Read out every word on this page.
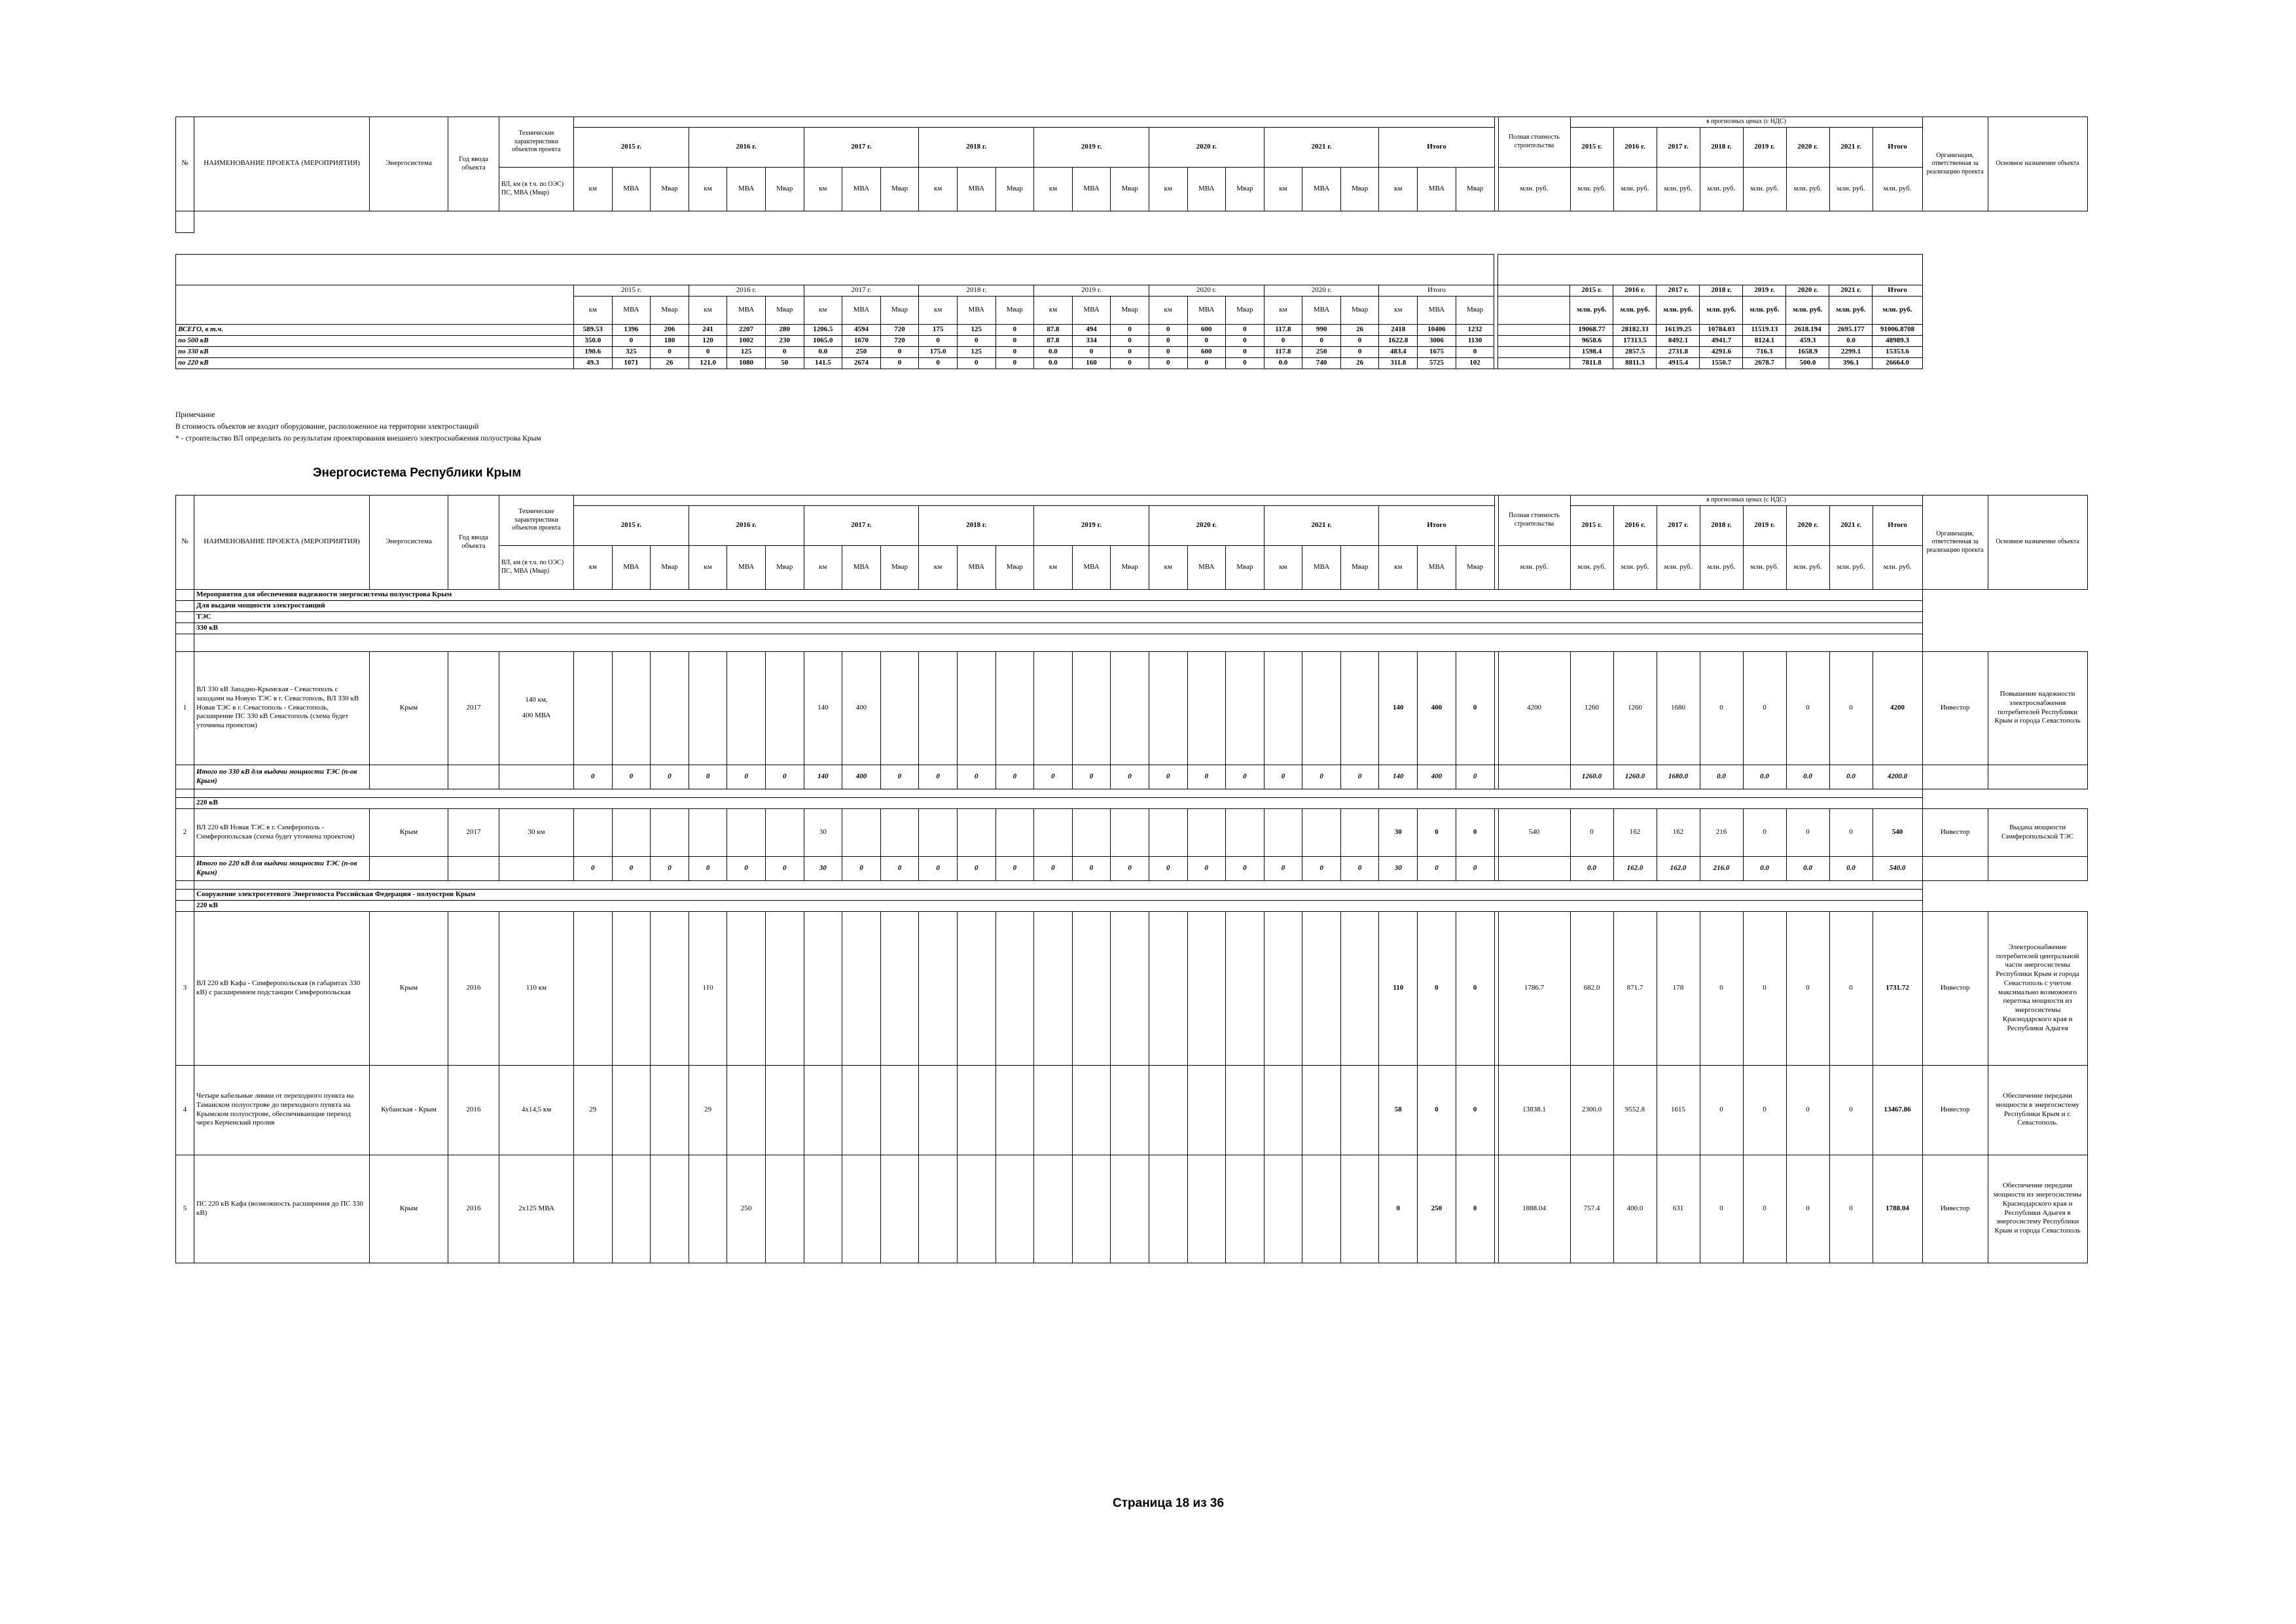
№	НАИМЕНОВАНИЕ ПРОЕКТА (МЕРОПРИЯТИЯ)	Энергосистема	Год ввода объекта	Технические характеристики объектов проекта																										Полная стоимость строительства	в прогнозных ценах (с НДС)								Организация, ответственная за реализацию проекта	Основное назначение объекта
					2015 г.			2016 г.			2017 г.			2018 г.			2019 г.			2020 г.			2021 г.			Итого					2015 г.	2016 г.	2017 г.	2018 г.	2019 г.	2020 г.	2021 г.	Итого		
				ВЛ, км (в т.ч. по ОЭС) ПС, МВА (Мвар)	км	МВА	Мвар	км	МВА	Мвар	км	МВА	Мвар	км	МВА	Мвар	км	МВА	Мвар	км	МВА	Мвар	км	МВА	Мвар	км	МВА	Мвар		млн. руб.	млн. руб.	млн. руб.	млн. руб.	млн. руб.	млн. руб.	млн. руб.	млн. руб.	млн. руб.		

	2015 г.			2016 г.			2017 г.			2018 г.			2019 г.			2020 г.			2020 г.			Итого					2015 г.	2016 г.	2017 г.	2018 г.	2019 г.	2020 г.	2021 г.	Итого
	км	МВА	Мвар	км	МВА	Мвар	км	МВА	Мвар	км	МВА	Мвар	км	МВА	Мвар	км	МВА	Мвар	км	МВА	Мвар	км	МВА	Мвар			млн. руб.	млн. руб.	млн. руб.	млн. руб.	млн. руб.	млн. руб.	млн. руб.	млн. руб.
ВСЕГО, в т.ч.	589.53	1396	206	241	2207	280	1206.5	4594	720	175	125	0	87.8	494	0	0	600	0	117.8	990	26	2418	10406	1232			19068.77	28182.33	16139.25	10784.03	11519.13	2618.194	2695.177	91006.8708
по 500 кВ	350.0	0	180	120	1002	230	1065.0	1670	720	0	0	0	87.8	334	0	0	0	0	0	0	0	1622.8	3006	1130			9658.6	17313.5	8492.1	4941.7	8124.1	459.3	0.0	48989.3
по 330 кВ	190.6	325	0	0	125	0	0.0	250	0	175.0	125	0	0.0	0	0	0	600	0	117.8	250	0	483.4	1675	0			1598.4	2857.5	2731.8	4291.6	716.3	1658.9	2299.1	15353.6
по 220 кВ	49.3	1071	26	121.0	1080	50	141.5	2674	0	0	0	0	0.0	160	0	0	0	0	0.0	740	26	311.8	5725	102			7811.8	8811.3	4915.4	1550.7	2678.7	500.0	396.1	26664.0
Примечание
В стоимость объектов не входит оборудование, расположенное на территории электростанций
* - строительство ВЛ определить по результатам проектирования внешнего электроснабжения полуострова Крым
Энергосистема Республики Крым
№	НАИМЕНОВАНИЕ ПРОЕКТА (МЕРОПРИЯТИЯ)	Энергосистема	Год ввода объекта	Технические характеристики объектов проекта																										Полная стоимость строительства	в прогнозных ценах (с НДС)								Организация, ответственная за реализацию проекта	Основное назначение объекта
					2015 г.			2016 г.			2017 г.			2018 г.			2019 г.			2020 г.			2021 г.			Итого					2015 г.	2016 г.	2017 г.	2018 г.	2019 г.	2020 г.	2021 г.	Итого		
				ВЛ, км (в т.ч. по ОЭС) ПС, МВА (Мвар)	км	МВА	Мвар	км	МВА	Мвар	км	МВА	Мвар	км	МВА	Мвар	км	МВА	Мвар	км	МВА	Мвар	км	МВА	Мвар	км	МВА	Мвар		млн. руб.	млн. руб.	млн. руб.	млн. руб.	млн. руб.	млн. руб.	млн. руб.	млн. руб.	млн. руб.		
	Мероприятия для обеспечения надежности энергосистемы полуострова Крым																																							
	Для выдачи мощности электростанций																																							
	ТЭС																																							
	330 кВ																																							

1	ВЛ 330 кВ Западно-Крымская - Севастополь с заходами на Новую ТЭС в г. Севастополь, ВЛ 330 кВ Новая ТЭС в г. Севастополь - Севастополь, расширение ПС 330 кВ Севастополь (схема будет уточнена проектом)	Крым	2017	140 км,
400 МВА							140	400														140	400	0		4200	1260	1260	1680	0	0	0	0	4200	Инвестор	Повышение надежности электроснабжения потребителей Республики Крым и города Севастополь
	Итого по 330 кВ для выдачи мощности ТЭС (п-ов Крым)				0	0	0	0	0	0	140	400	0	0	0	0	0	0	0	0	0	0	0	0	0	140	400	0			1260.0	1260.0	1680.0	0.0	0.0	0.0	0.0	4200.0		

	220 кВ																																							
2	ВЛ 220 кВ Новая ТЭС в г. Симферополь - Симферопольская (схема будет уточнена проектом)	Крым	2017	30 км							30															30	0	0		540	0	162	162	216	0	0	0	540	Инвестор	Выдача мощности Симферопольской ТЭС
	Итого по 220 кВ для выдачи мощности ТЭС (п-ов Крым)				0	0	0	0	0	0	30	0	0	0	0	0	0	0	0	0	0	0	0	0	0	30	0	0			0.0	162.0	162.0	216.0	0.0	0.0	0.0	540.0		

	Сооружение электросетевого Энергомоста Российская Федерация - полуостров Крым																																							
	220 кВ																																							
3	ВЛ 220 кВ Кафа - Симферопольская (в габаритах 330 кВ) с расширением подстанции Симферопольская	Крым	2016	110 км				110																		110	0	0		1786.7	682.0	871.7	178	0	0	0	0	1731.72	Инвестор	Электроснабжение потребителей центральной части энергосистемы Республики Крым и города Севастополь с учетом максимально возможного перетока мощности из энергосистемы Краснодарского края и Республики Адыгея
4	Четыре кабельные линии от переходного пункта на Таманском полуострове до переходного пункта на Крымском полуострове, обеспечивающие переход через Керченский пролив	Кубанская - Крым	2016	4x14,5 км	29			29																		58	0	0		13838.1	2300.0	9552.8	1615	0	0	0	0	13467.86	Инвестор	Обеспечение передачи мощности в энергосистему Республики Крым и г. Севастополь.
5	ПС 220 кВ Кафа (возможность расширения до ПС 330 кВ)	Крым	2016	2x125 МВА					250																	0	250	0		1888.04	757.4	400.0	631	0	0	0	0	1788.04	Инвестор	Обеспечение передачи мощности из энергосистемы Краснодарского края и Республики Адыгея в энергосистему Республики Крым и города Севастополь
Страница 18 из 36
